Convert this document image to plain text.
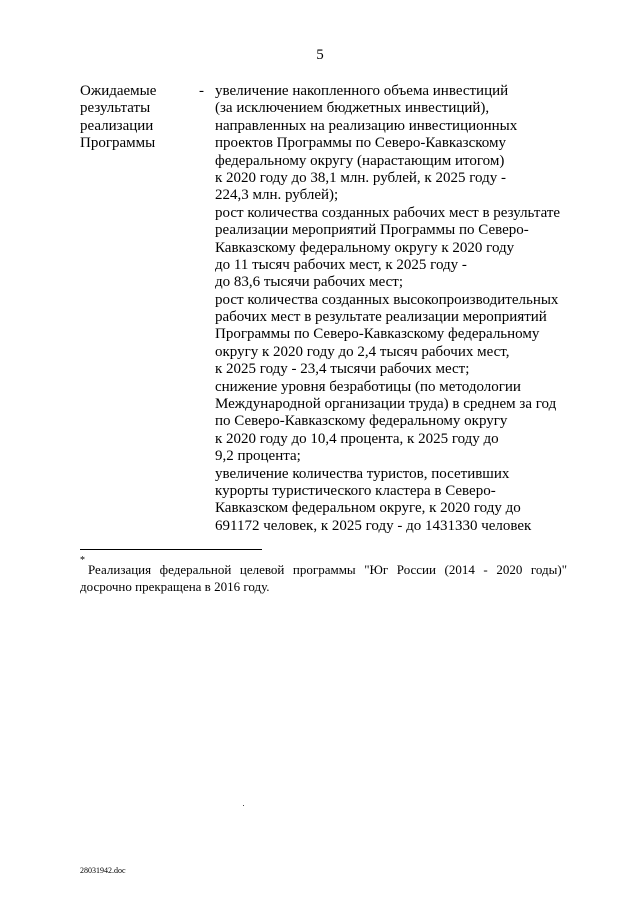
5
Ожидаемые
результаты
реализации
Программы
- увеличение накопленного объема инвестиций
(за исключением бюджетных инвестиций),
направленных на реализацию инвестиционных
проектов Программы по Северо-Кавказскому
федеральному округу (нарастающим итогом)
к 2020 году до 38,1 млн. рублей, к 2025 году -
224,3 млн. рублей);
рост количества созданных рабочих мест в результате
реализации мероприятий Программы по Северо-
Кавказскому федеральному округу к 2020 году
до 11 тысяч рабочих мест, к 2025 году -
до 83,6 тысячи рабочих мест;
рост количества созданных высокопроизводительных
рабочих мест в результате реализации мероприятий
Программы по Северо-Кавказскому федеральному
округу к 2020 году до 2,4 тысяч рабочих мест,
к 2025 году - 23,4 тысячи рабочих мест;
снижение уровня безработицы (по методологии
Международной организации труда) в среднем за год
по Северо-Кавказскому федеральному округу
к 2020 году до 10,4 процента, к 2025 году до
9,2 процента;
увеличение количества туристов, посетивших
курорты туристического кластера в Северо-
Кавказском федеральном округе, к 2020 году до
691172 человек, к 2025 году - до 1431330 человек
*
Реализация федеральной целевой программы "Юг России (2014 - 2020 годы)"
досрочно прекращена в 2016 году.
28031942.doc
